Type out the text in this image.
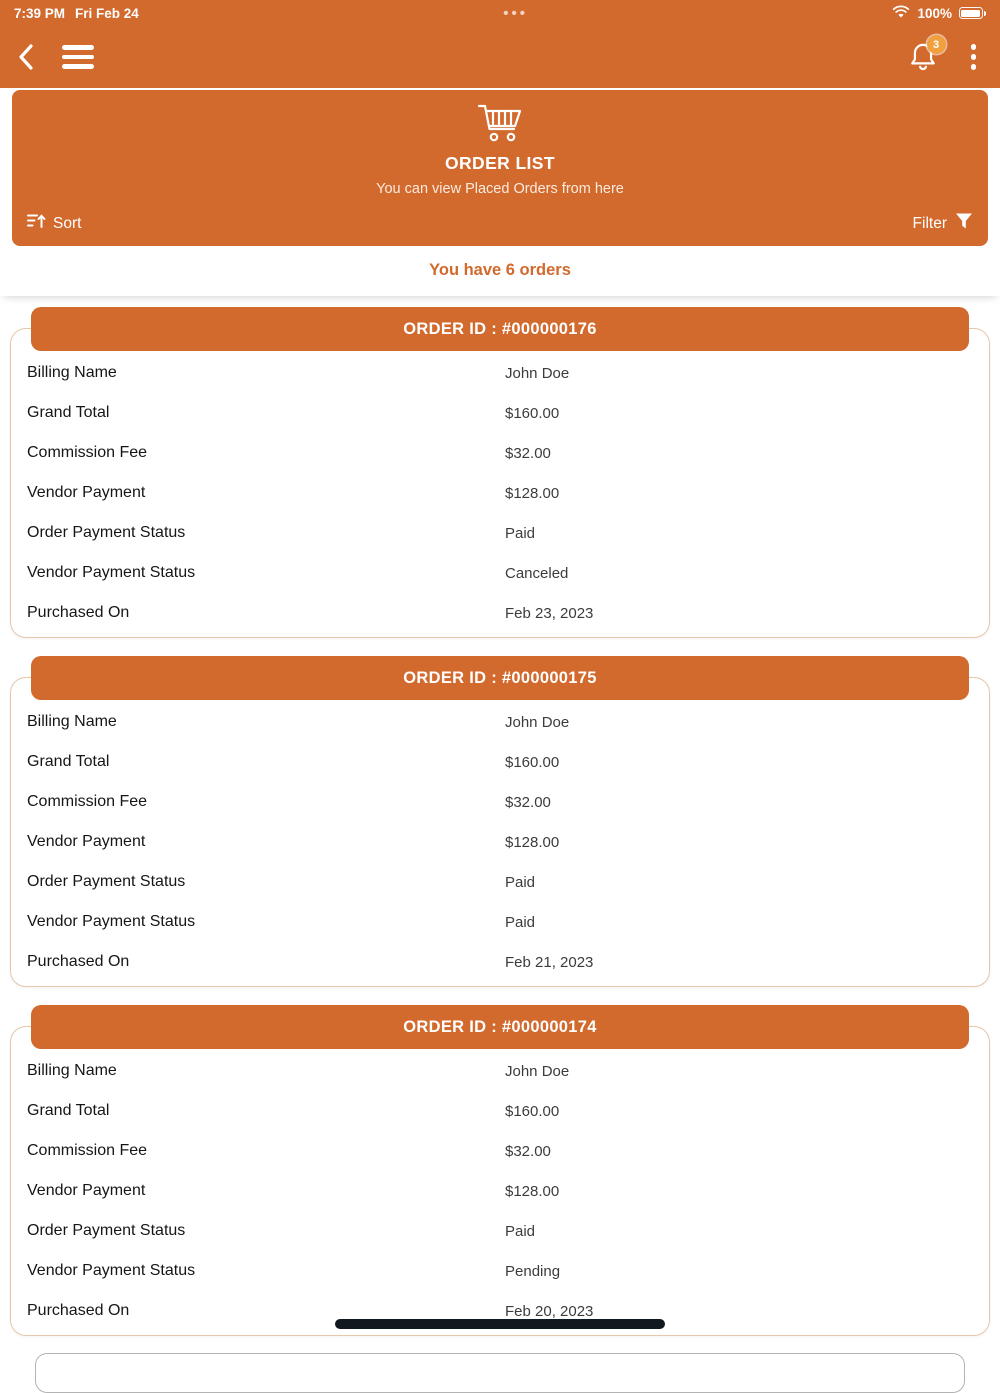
7:39 PM Fri Feb 24	•••	100%
3
ORDER LIST
You can view Placed Orders from here
Sort	Filter
You have 6 orders
ORDER ID : #000000176
Billing Name	John Doe
Grand Total	$160.00
Commission Fee	$32.00
Vendor Payment	$128.00
Order Payment Status	Paid
Vendor Payment Status	Canceled
Purchased On	Feb 23, 2023
ORDER ID : #000000175
Billing Name	John Doe
Grand Total	$160.00
Commission Fee	$32.00
Vendor Payment	$128.00
Order Payment Status	Paid
Vendor Payment Status	Paid
Purchased On	Feb 21, 2023
ORDER ID : #000000174
Billing Name	John Doe
Grand Total	$160.00
Commission Fee	$32.00
Vendor Payment	$128.00
Order Payment Status	Paid
Vendor Payment Status	Pending
Purchased On	Feb 20, 2023
